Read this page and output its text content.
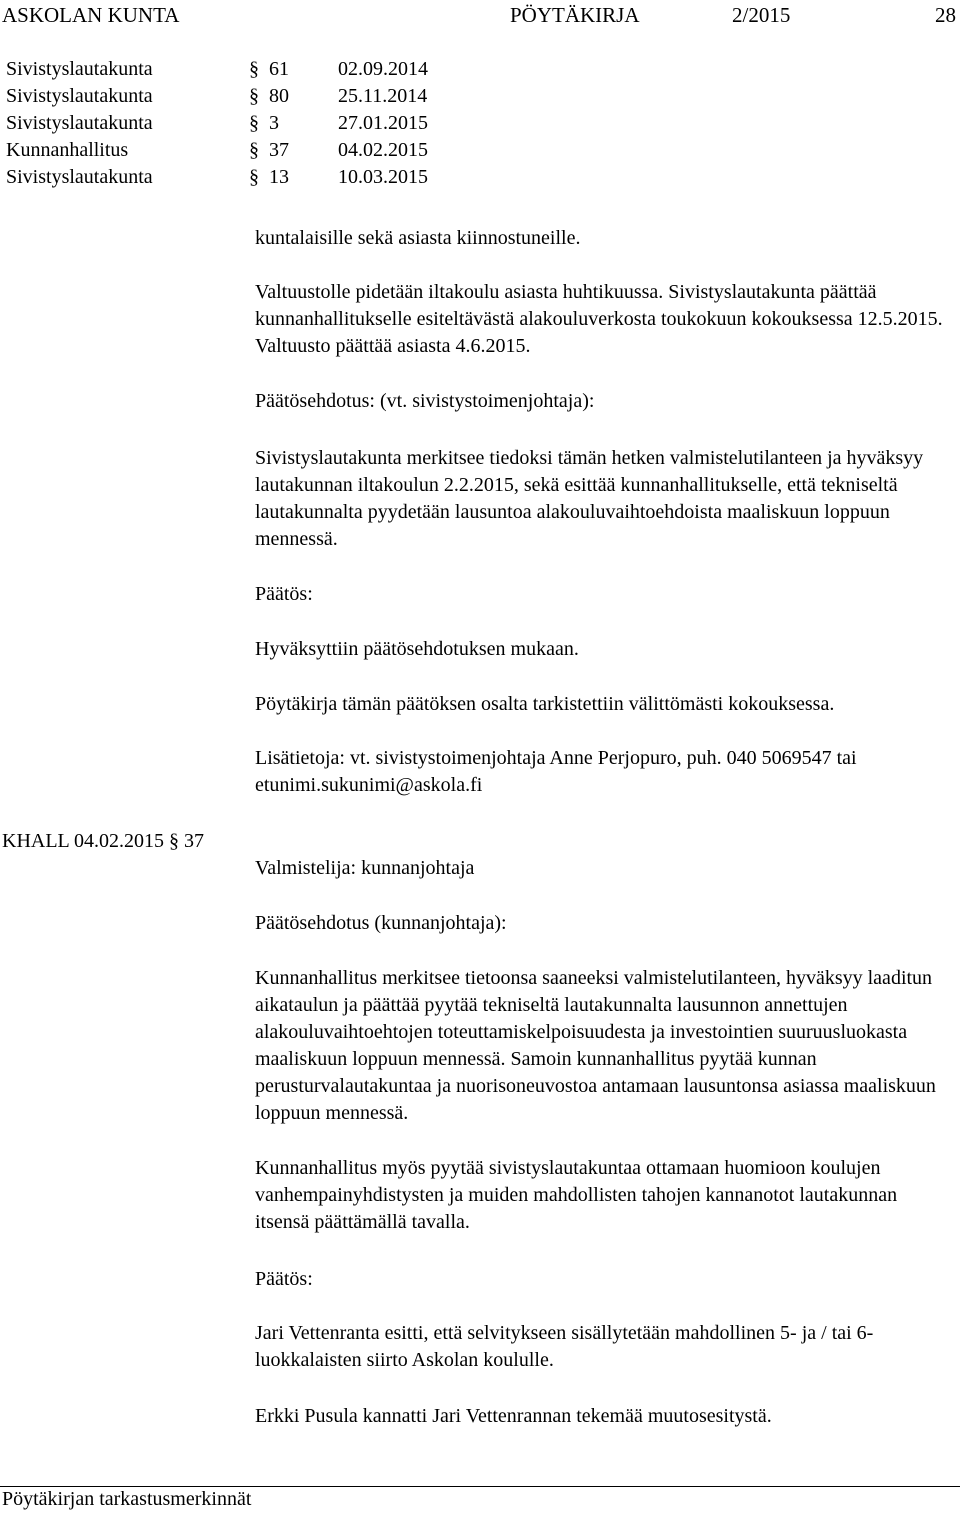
ASKOLAN KUNTA	PÖYTÄKIRJA	2/2015	28
Sivistyslautakunta	§ 61 02.09.2014
Sivistyslautakunta	§ 80 25.11.2014
Sivistyslautakunta	§ 3	27.01.2015
Kunnanhallitus	§ 37 04.02.2015
Sivistyslautakunta	§ 13 10.03.2015

kuntalaisille sekä asiasta kiinnostuneille.

Valtuustolle pidetään iltakoulu asiasta huhtikuussa. Sivistyslautakunta päättää kunnanhallitukselle esiteltävästä alakouluverkosta toukokuun kokouksessa 12.5.2015. Valtuusto päättää asiasta 4.6.2015.

Päätösehdotus: (vt. sivistystoimenjohtaja):

Sivistyslautakunta merkitsee tiedoksi tämän hetken valmistelutilanteen ja hyväksyy lautakunnan iltakoulun 2.2.2015, sekä esittää kunnanhallitukselle, että tekniseltä lautakunnalta pyydetään lausuntoa alakouluvaihtoehdoista maaliskuun loppuun mennessä.

Päätös:

Hyväksyttiin päätösehdotuksen mukaan.

Pöytäkirja tämän päätöksen osalta tarkistettiin välittömästi kokouksessa.

Lisätietoja: vt. sivistystoimenjohtaja Anne Perjopuro, puh. 040 5069547 tai etunimi.sukunimi@askola.fi

KHALL 04.02.2015 § 37

Valmistelija: kunnanjohtaja

Päätösehdotus (kunnanjohtaja):

Kunnanhallitus merkitsee tietoonsa saaneeksi valmistelutilanteen, hyväksyy laaditun aikataulun ja päättää pyytää tekniseltä lautakunnalta lausunnon annettujen alakouluvaihtoehtojen toteuttamiskelpoisuudesta ja investointien suuruusluokasta maaliskuun loppuun mennessä. Samoin kunnanhallitus pyytää kunnan perusturvalautakuntaa ja nuorisoneuvostoa antamaan lausuntonsa asiassa maaliskuun loppuun mennessä.

Kunnanhallitus myös pyytää sivistyslautakuntaa ottamaan huomioon koulujen vanhempainyhdistysten ja muiden mahdollisten tahojen kannanotot lautakunnan itsensä päättämällä tavalla.

Päätös:

Jari Vettenranta esitti, että selvitykseen sisällytetään mahdollinen 5- ja / tai 6- luokkalaisten siirto Askolan koululle.

Erkki Pusula kannatti Jari Vettenrannan tekemää muutosesitystä.

Pöytäkirjan tarkastusmerkinnät
